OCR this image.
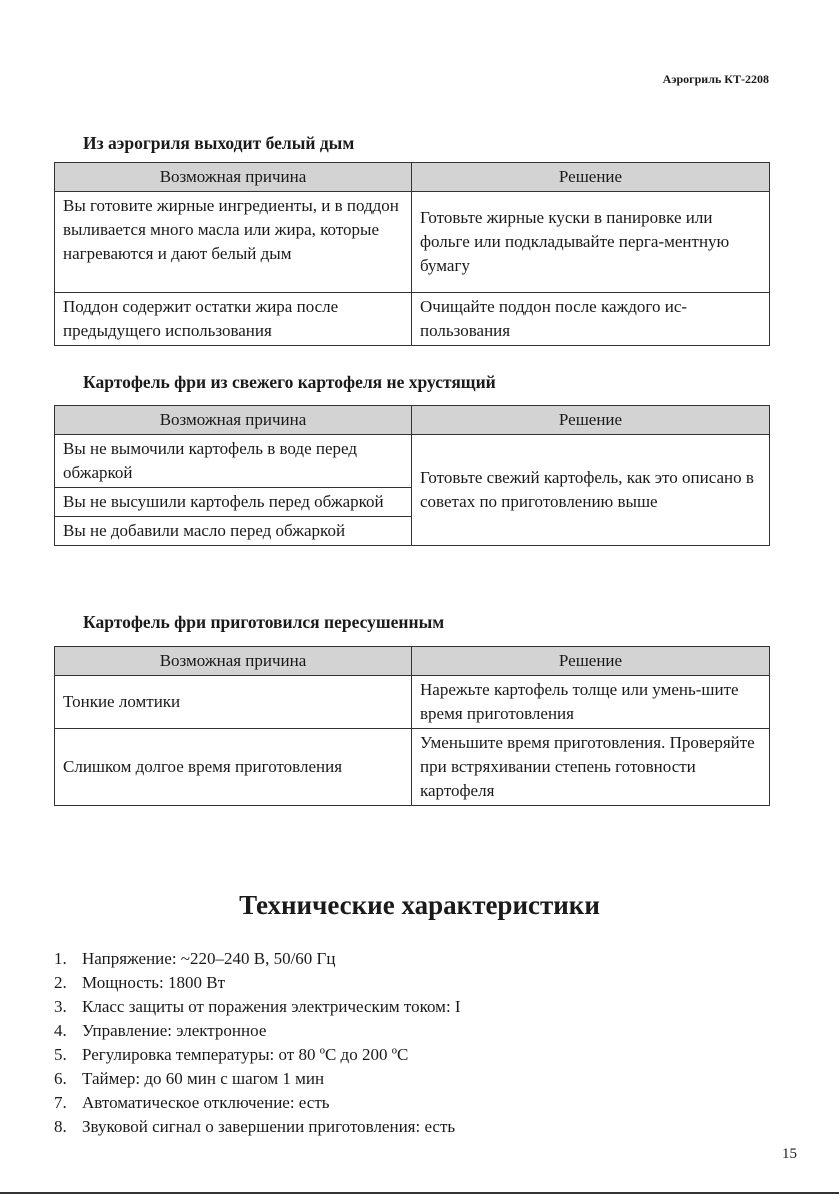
Аэрогриль КТ-2208
Из аэрогриля выходит белый дым
Возможная причина	Решение
Вы готовите жирные ингредиенты, и в поддон выливается много масла или жира, которые нагреваются и дают белый дым	Готовьте жирные куски в панировке или фольге или подкладывайте перга-ментную бумагу
Поддон содержит остатки жира после предыдущего использования	Очищайте поддон после каждого ис-пользования
Картофель фри из свежего картофеля не хрустящий
Возможная причина	Решение
Вы не вымочили картофель в воде перед обжаркой	Готовьте свежий картофель, как это описано в советах по приготовлению выше
Вы не высушили картофель перед обжаркой	
Вы не добавили масло перед обжаркой	
Картофель фри приготовился пересушенным
Возможная причина	Решение
Тонкие ломтики	Нарежьте картофель толще или умень-шите время приготовления
Слишком долгое время приготовления	Уменьшите время приготовления. Проверяйте при встряхивании степень готовности картофеля
Технические характеристики
1. Напряжение: ~220–240 В, 50/60 Гц
2. Мощность: 1800 Вт
3. Класс защиты от поражения электрическим током: I
4. Управление: электронное
5. Регулировка температуры: от 80 ºС до 200 ºС
6. Таймер: до 60 мин с шагом 1 мин
7. Автоматическое отключение: есть
8. Звуковой сигнал о завершении приготовления: есть
15
